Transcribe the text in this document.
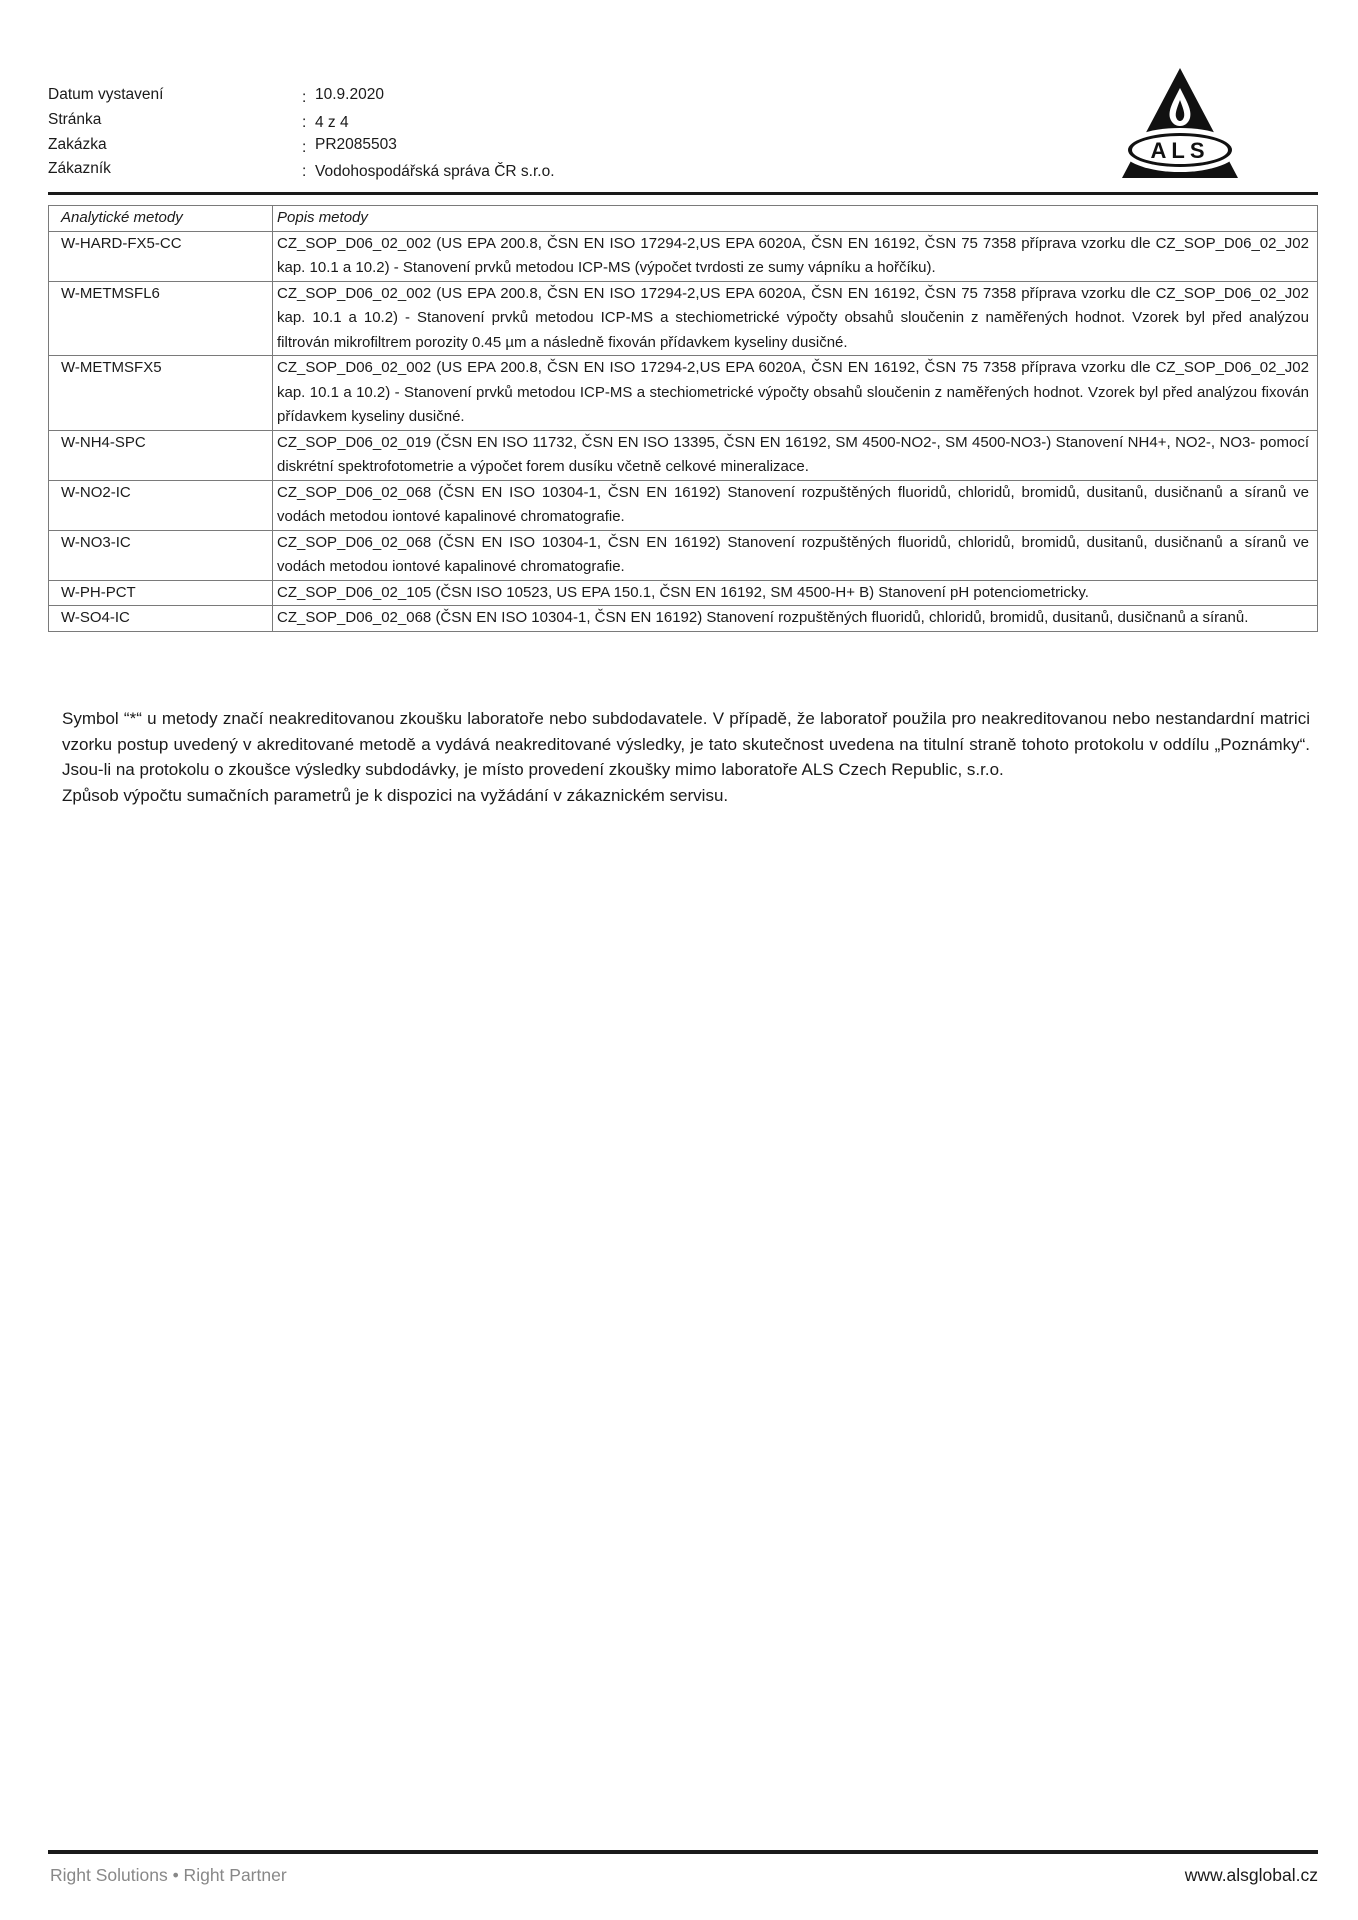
Datum vystavení	: 10.9.2020
Stránka	: 4 z 4
Zakázka	: PR2085503
Zákazník	: Vodohospodářská správa ČR s.r.o.
ALS
Analytické metody	Popis metody
W-HARD-FX5-CC	CZ_SOP_D06_02_002 (US EPA 200.8, ČSN EN ISO 17294-2,US EPA 6020A, ČSN EN 16192, ČSN 75 7358 příprava vzorku dle CZ_SOP_D06_02_J02 kap. 10.1 a 10.2) - Stanovení prvků metodou ICP-MS (výpočet tvrdosti ze sumy vápníku a hořčíku).
W-METMSFL6	CZ_SOP_D06_02_002 (US EPA 200.8, ČSN EN ISO 17294-2,US EPA 6020A, ČSN EN 16192, ČSN 75 7358 příprava vzorku dle CZ_SOP_D06_02_J02 kap. 10.1 a 10.2) - Stanovení prvků metodou ICP-MS a stechiometrické výpočty obsahů sloučenin z naměřených hodnot. Vzorek byl před analýzou filtrován mikrofiltrem porozity 0.45 µm a následně fixován přídavkem kyseliny dusičné.
W-METMSFX5	CZ_SOP_D06_02_002 (US EPA 200.8, ČSN EN ISO 17294-2,US EPA 6020A, ČSN EN 16192, ČSN 75 7358 příprava vzorku dle CZ_SOP_D06_02_J02 kap. 10.1 a 10.2) - Stanovení prvků metodou ICP-MS a stechiometrické výpočty obsahů sloučenin z naměřených hodnot. Vzorek byl před analýzou fixován přídavkem kyseliny dusičné.
W-NH4-SPC	CZ_SOP_D06_02_019 (ČSN EN ISO 11732, ČSN EN ISO 13395, ČSN EN 16192, SM 4500-NO2-, SM 4500-NO3-) Stanovení NH4+, NO2-, NO3- pomocí diskrétní spektrofotometrie a výpočet forem dusíku včetně celkové mineralizace.
W-NO2-IC	CZ_SOP_D06_02_068 (ČSN EN ISO 10304-1, ČSN EN 16192) Stanovení rozpuštěných fluoridů, chloridů, bromidů, dusitanů, dusičnanů a síranů ve vodách metodou iontové kapalinové chromatografie.
W-NO3-IC	CZ_SOP_D06_02_068 (ČSN EN ISO 10304-1, ČSN EN 16192) Stanovení rozpuštěných fluoridů, chloridů, bromidů, dusitanů, dusičnanů a síranů ve vodách metodou iontové kapalinové chromatografie.
W-PH-PCT	CZ_SOP_D06_02_105 (ČSN ISO 10523, US EPA 150.1, ČSN EN 16192, SM 4500-H+ B) Stanovení pH potenciometricky.
W-SO4-IC	CZ_SOP_D06_02_068 (ČSN EN ISO 10304-1, ČSN EN 16192) Stanovení rozpuštěných fluoridů, chloridů, bromidů, dusitanů, dusičnanů a síranů.

Symbol “*“ u metody značí neakreditovanou zkoušku laboratoře nebo subdodavatele. V případě, že laboratoř použila pro neakreditovanou nebo nestandardní matrici vzorku postup uvedený v akreditované metodě a vydává neakreditované výsledky, je tato skutečnost uvedena na titulní straně tohoto protokolu v oddílu „Poznámky“. Jsou-li na protokolu o zkoušce výsledky subdodávky, je místo provedení zkoušky mimo laboratoře ALS Czech Republic, s.r.o.

Způsob výpočtu sumačních parametrů je k dispozici na vyžádání v zákaznickém servisu.

Right Solutions • Right Partner	www.alsglobal.cz
